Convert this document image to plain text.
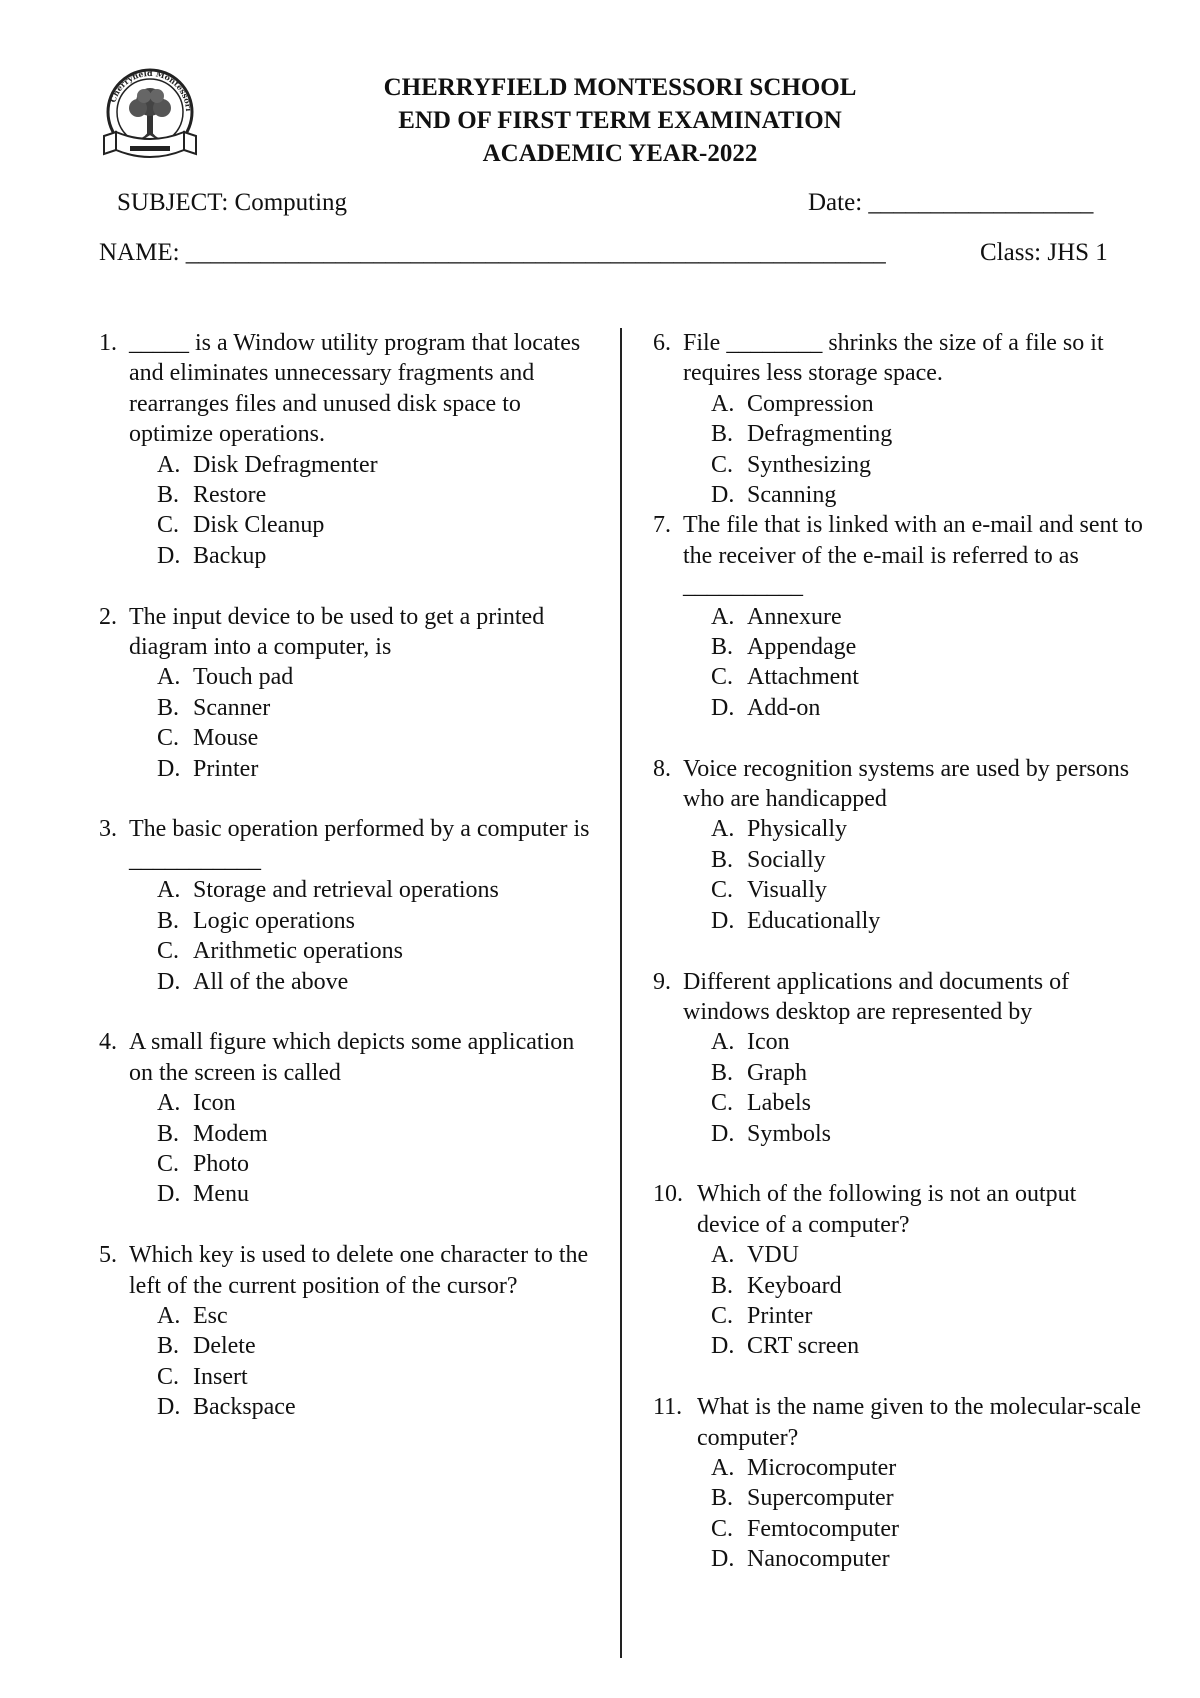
Cherryfield Montessori
CHERRYFIELD MONTESSORI SCHOOL
END OF FIRST TERM EXAMINATION
ACADEMIC YEAR-2022
SUBJECT: Computing	Date: __________________
NAME: ________________________________________________________	Class: JHS 1
1. _____ is a Window utility program that locates and eliminates unnecessary fragments and rearranges files and unused disk space to optimize operations.
A. Disk Defragmenter
B. Restore
C. Disk Cleanup
D. Backup
2. The input device to be used to get a printed diagram into a computer, is
A. Touch pad
B. Scanner
C. Mouse
D. Printer
3. The basic operation performed by a computer is ___________
A. Storage and retrieval operations
B. Logic operations
C. Arithmetic operations
D. All of the above
4. A small figure which depicts some application on the screen is called
A. Icon
B. Modem
C. Photo
D. Menu
5. Which key is used to delete one character to the left of the current position of the cursor?
A. Esc
B. Delete
C. Insert
D. Backspace
6. File ________ shrinks the size of a file so it requires less storage space.
A. Compression
B. Defragmenting
C. Synthesizing
D. Scanning
7. The file that is linked with an e-mail and sent to the receiver of the e-mail is referred to as __________
A. Annexure
B. Appendage
C. Attachment
D. Add-on
8. Voice recognition systems are used by persons who are handicapped
A. Physically
B. Socially
C. Visually
D. Educationally
9. Different applications and documents of windows desktop are represented by
A. Icon
B. Graph
C. Labels
D. Symbols
10. Which of the following is not an output device of a computer?
A. VDU
B. Keyboard
C. Printer
D. CRT screen
11. What is the name given to the molecular-scale computer?
A. Microcomputer
B. Supercomputer
C. Femtocomputer
D. Nanocomputer
